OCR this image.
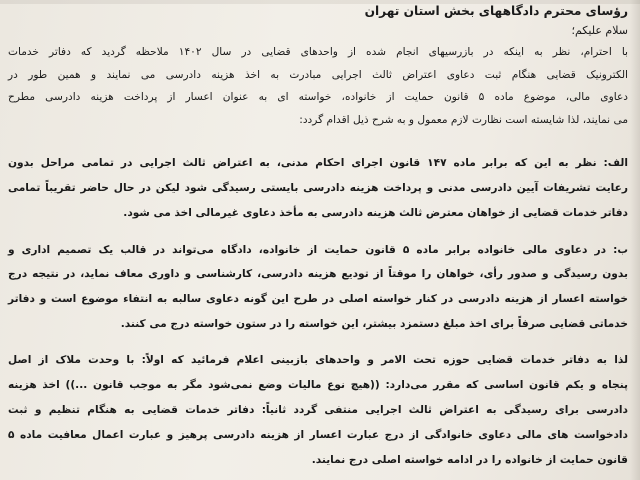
رؤسای محترم دادگاههای بخش استان تهران
سلام علیکم؛
با احترام، نظر به اینکه در بازرسیهای انجام شده از واحدهای قضایی در سال ۱۴۰۲ ملاحظه گردید که دفاتر خدمات
الکترونیک قضایی هنگام ثبت دعاوی اعتراض ثالث اجرایی مبادرت به اخذ هزینه دادرسی می نمایند و همین طور در
دعاوی مالی، موضوع ماده ۵ قانون حمایت از خانواده، خواسته ای به عنوان اعسار از پرداخت هزینه دادرسی مطرح
می نمایند، لذا شایسته است نظارت لازم معمول و به شرح ذیل اقدام گردد:
الف: نظر به این که برابر ماده ۱۴۷ قانون اجرای احکام مدنی، به اعتراض ثالث اجرایی در تمامی مراحل بدون
رعایت تشریفات آیین دادرسی مدنی و پرداخت هزینه دادرسی بایستی رسیدگی شود لیکن در حال حاضر تقریباً تمامی
دفاتر خدمات قضایی از خواهان معترض ثالث هزینه دادرسی به مأخذ دعاوی غیرمالی اخذ می شود.
ب: در دعاوی مالی خانواده برابر ماده ۵ قانون حمایت از خانواده، دادگاه می‌تواند در قالب یک تصمیم اداری و
بدون رسیدگی و صدور رأی، خواهان را موقتاً از تودیع هزینه دادرسی، کارشناسی و داوری معاف نماید، در نتیجه درج
خواسته اعسار از هزینه دادرسی در کنار خواسته اصلی در طرح این گونه دعاوی سالبه به انتفاء موضوع است و دفاتر
خدماتی قضایی صرفاً برای اخذ مبلغ دستمزد بیشتر، این خواسته را در ستون خواسته درج می کنند.
لذا به دفاتر خدمات قضایی حوزه تحت الامر و واحدهای بازبینی اعلام فرمائید که اولاً: با وحدت ملاک از اصل
پنجاه و یکم قانون اساسی که مقرر می‌دارد: ((هیچ نوع مالیات وضع نمی‌شود مگر به موجب قانون ...)) اخذ هزینه
دادرسی برای رسیدگی به اعتراض ثالث اجرایی منتفی گردد ثانیاً: دفاتر خدمات قضایی به هنگام تنظیم و ثبت
دادخواست های مالی دعاوی خانوادگی از درج عبارت اعسار از هزینه دادرسی پرهیز و عبارت اعمال معافیت ماده ۵
قانون حمایت از خانواده را در ادامه خواسته اصلی درج نمایند.
